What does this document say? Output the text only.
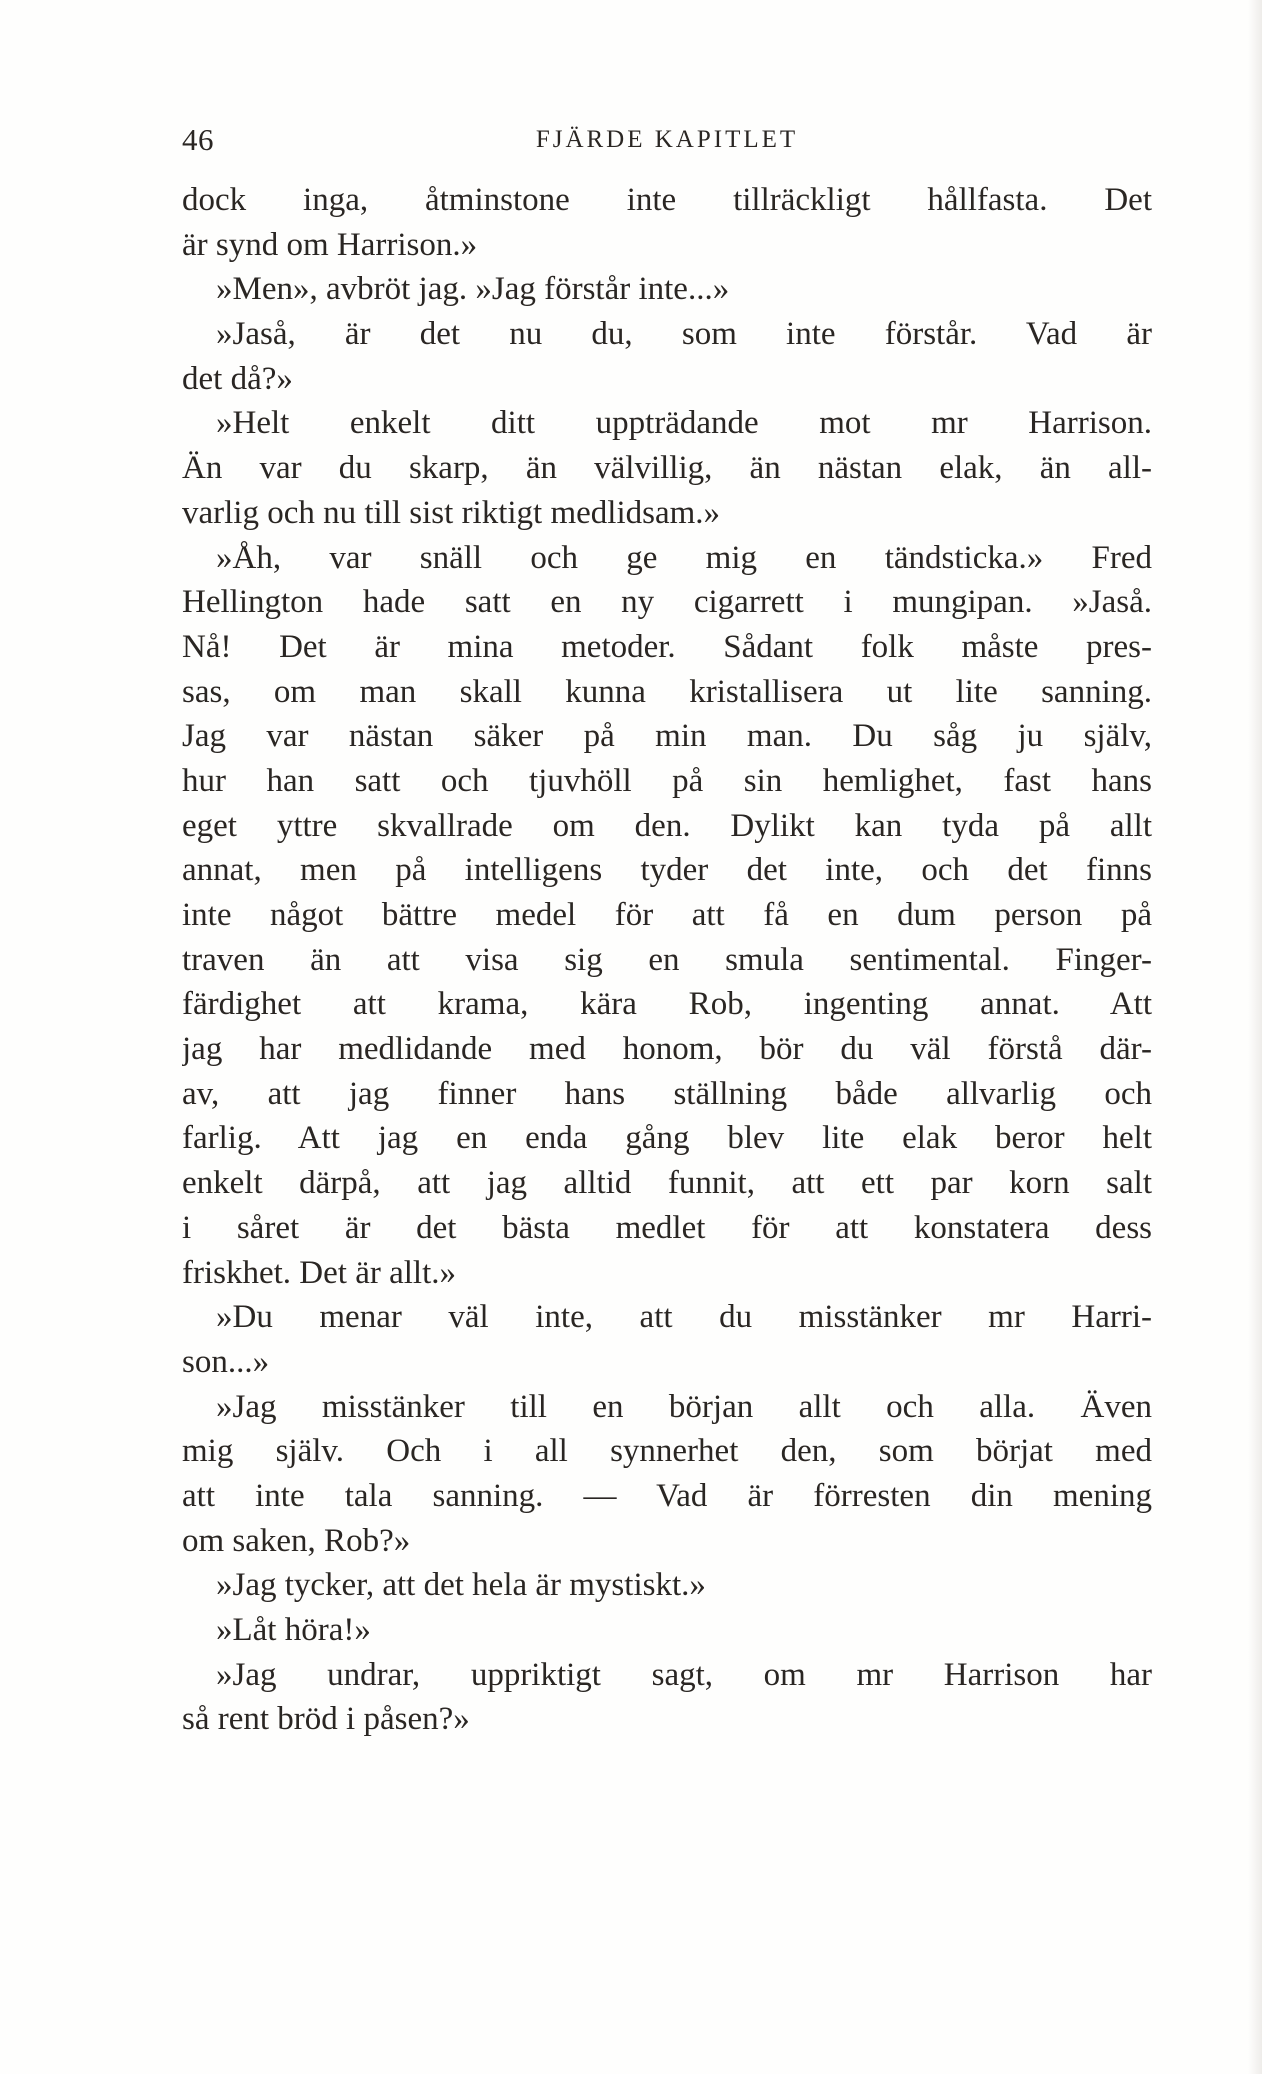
46	FJÄRDE KAPITLET
dock inga, åtminstone inte tillräckligt hållfasta. Det
är synd om Harrison.»
»Men», avbröt jag. »Jag förstår inte...»
»Jaså, är det nu du, som inte förstår. Vad är
det då?»
»Helt enkelt ditt uppträdande mot mr Harrison.
Än var du skarp, än välvillig, än nästan elak, än all-
varlig och nu till sist riktigt medlidsam.»
»Åh, var snäll och ge mig en tändsticka.» Fred
Hellington hade satt en ny cigarrett i mungipan. »Jaså.
Nå! Det är mina metoder. Sådant folk måste pres-
sas, om man skall kunna kristallisera ut lite sanning.
Jag var nästan säker på min man. Du såg ju själv,
hur han satt och tjuvhöll på sin hemlighet, fast hans
eget yttre skvallrade om den. Dylikt kan tyda på allt
annat, men på intelligens tyder det inte, och det finns
inte något bättre medel för att få en dum person på
traven än att visa sig en smula sentimental. Finger-
färdighet att krama, kära Rob, ingenting annat. Att
jag har medlidande med honom, bör du väl förstå där-
av, att jag finner hans ställning både allvarlig och
farlig. Att jag en enda gång blev lite elak beror helt
enkelt därpå, att jag alltid funnit, att ett par korn salt
i såret är det bästa medlet för att konstatera dess
friskhet. Det är allt.»
»Du menar väl inte, att du misstänker mr Harri-
son...»
»Jag misstänker till en början allt och alla. Även
mig själv. Och i all synnerhet den, som börjat med
att inte tala sanning. — Vad är förresten din mening
om saken, Rob?»
»Jag tycker, att det hela är mystiskt.»
»Låt höra!»
»Jag undrar, uppriktigt sagt, om mr Harrison har
så rent bröd i påsen?»
